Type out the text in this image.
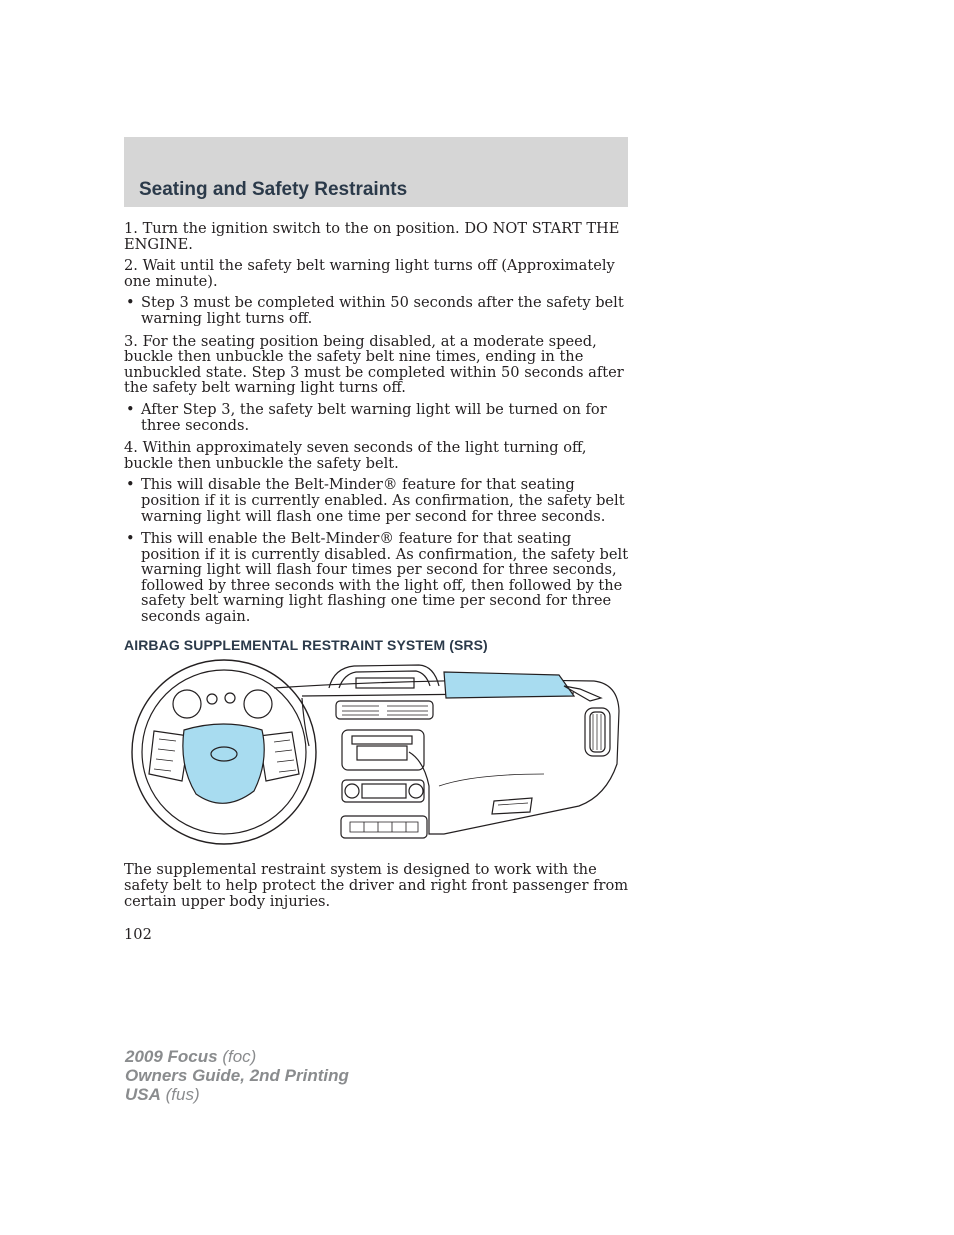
Seating and Safety Restraints

1. Turn the ignition switch to the on position. DO NOT START THE ENGINE.

2. Wait until the safety belt warning light turns off (Approximately one minute).

• Step 3 must be completed within 50 seconds after the safety belt warning light turns off.

3. For the seating position being disabled, at a moderate speed, buckle then unbuckle the safety belt nine times, ending in the unbuckled state. Step 3 must be completed within 50 seconds after the safety belt warning light turns off.

• After Step 3, the safety belt warning light will be turned on for three seconds.

4. Within approximately seven seconds of the light turning off, buckle then unbuckle the safety belt.

• This will disable the Belt-Minder® feature for that seating position if it is currently enabled. As confirmation, the safety belt warning light will flash one time per second for three seconds.
• This will enable the Belt-Minder® feature for that seating position if it is currently disabled. As confirmation, the safety belt warning light will flash four times per second for three seconds, followed by three seconds with the light off, then followed by the safety belt warning light flashing one time per second for three seconds again.
AIRBAG SUPPLEMENTAL RESTRAINT SYSTEM (SRS)

The supplemental restraint system is designed to work with the safety belt to help protect the driver and right front passenger from certain upper body injuries.

102

2009 Focus (foc)
Owners Guide, 2nd Printing
USA (fus)
